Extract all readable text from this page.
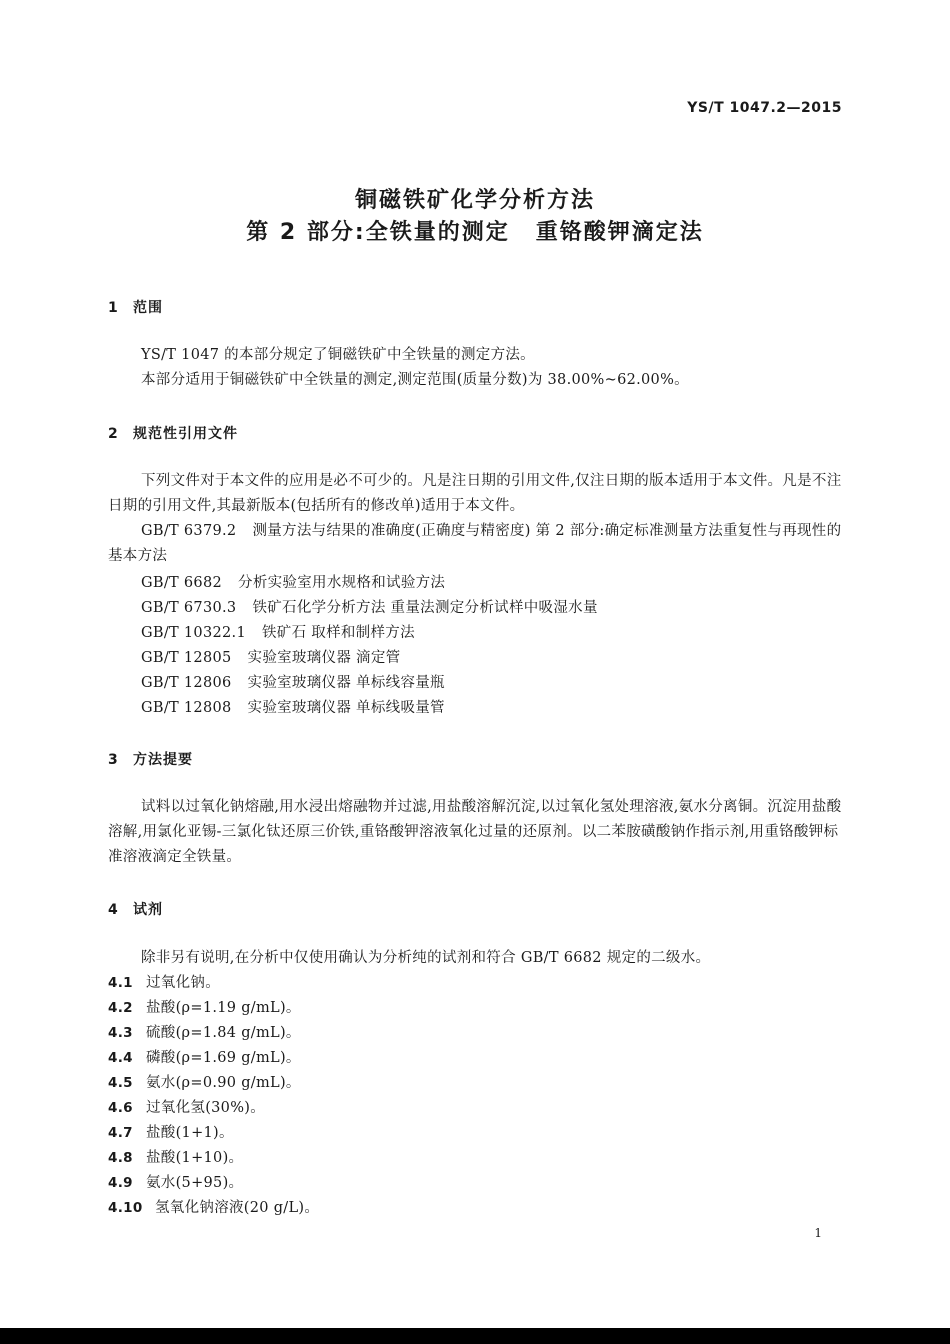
YS/T 1047.2—2015
铜磁铁矿化学分析方法
第 2 部分:全铁量的测定 重铬酸钾滴定法
1 范围
YS/T 1047 的本部分规定了铜磁铁矿中全铁量的测定方法。
本部分适用于铜磁铁矿中全铁量的测定,测定范围(质量分数)为 38.00%~62.00%。
2 规范性引用文件
下列文件对于本文件的应用是必不可少的。凡是注日期的引用文件,仅注日期的版本适用于本文件。凡是不注日期的引用文件,其最新版本(包括所有的修改单)适用于本文件。
GB/T 6379.2 测量方法与结果的准确度(正确度与精密度) 第 2 部分:确定标准测量方法重复性与再现性的基本方法
GB/T 6682 分析实验室用水规格和试验方法
GB/T 6730.3 铁矿石化学分析方法 重量法测定分析试样中吸湿水量
GB/T 10322.1 铁矿石 取样和制样方法
GB/T 12805 实验室玻璃仪器 滴定管
GB/T 12806 实验室玻璃仪器 单标线容量瓶
GB/T 12808 实验室玻璃仪器 单标线吸量管
3 方法提要
试料以过氧化钠熔融,用水浸出熔融物并过滤,用盐酸溶解沉淀,以过氧化氢处理溶液,氨水分离铜。沉淀用盐酸溶解,用氯化亚锡-三氯化钛还原三价铁,重铬酸钾溶液氧化过量的还原剂。以二苯胺磺酸钠作指示剂,用重铬酸钾标准溶液滴定全铁量。
4 试剂
除非另有说明,在分析中仅使用确认为分析纯的试剂和符合 GB/T 6682 规定的二级水。
4.1 过氧化钠。
4.2 盐酸(ρ=1.19 g/mL)。
4.3 硫酸(ρ=1.84 g/mL)。
4.4 磷酸(ρ=1.69 g/mL)。
4.5 氨水(ρ=0.90 g/mL)。
4.6 过氧化氢(30%)。
4.7 盐酸(1+1)。
4.8 盐酸(1+10)。
4.9 氨水(5+95)。
4.10 氢氧化钠溶液(20 g/L)。
1
